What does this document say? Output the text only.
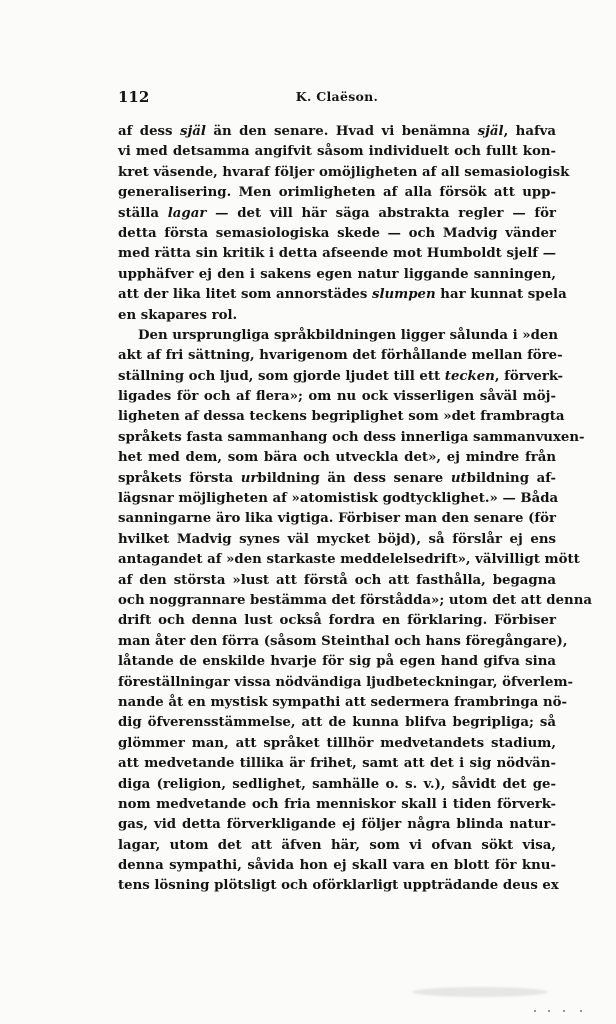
112	K. Claëson.
af dess själ än den senare. Hvad vi benämna själ, hafva
vi med detsamma angifvit såsom individuelt och fullt kon-
kret väsende, hvaraf följer omöjligheten af all semasiologisk
generalisering. Men orimligheten af alla försök att upp-
ställa lagar — det vill här säga abstrakta regler — för
detta första semasiologiska skede — och Madvig vänder
med rätta sin kritik i detta afseende mot Humboldt sjelf —
upphäfver ej den i sakens egen natur liggande sanningen,
att der lika litet som annorstädes slumpen har kunnat spela
en skapares rol.
Den ursprungliga språkbildningen ligger sålunda i »den
akt af fri sättning, hvarigenom det förhållande mellan före-
ställning och ljud, som gjorde ljudet till ett tecken, förverk-
ligades för och af flera»; om nu ock visserligen såväl möj-
ligheten af dessa teckens begriplighet som »det frambragta
språkets fasta sammanhang och dess innerliga sammanvuxen-
het med dem, som bära och utveckla det», ej mindre från
språkets första urbildning än dess senare utbildning af-
lägsnar möjligheten af »atomistisk godtycklighet.» — Båda
sanningarne äro lika vigtiga. Förbiser man den senare (för
hvilket Madvig synes väl mycket böjd), så förslår ej ens
antagandet af »den starkaste meddelelsedrift», välvilligt mött
af den största »lust att förstå och att fasthålla, begagna
och noggrannare bestämma det förstådda»; utom det att denna
drift och denna lust också fordra en förklaring. Förbiser
man åter den förra (såsom Steinthal och hans föregångare),
låtande de enskilde hvarje för sig på egen hand gifva sina
föreställningar vissa nödvändiga ljudbeteckningar, öfverlem-
nande åt en mystisk sympathi att sedermera frambringa nö-
dig öfverensstämmelse, att de kunna blifva begripliga; så
glömmer man, att språket tillhör medvetandets stadium,
att medvetande tillika är frihet, samt att det i sig nödvän-
diga (religion, sedlighet, samhälle o. s. v.), såvidt det ge-
nom medvetande och fria menniskor skall i tiden förverk-
gas, vid detta förverkligande ej följer några blinda natur-
lagar, utom det att äfven här, som vi ofvan sökt visa,
denna sympathi, såvida hon ej skall vara en blott för knu-
tens lösning plötsligt och oförklarligt uppträdande deus ex
